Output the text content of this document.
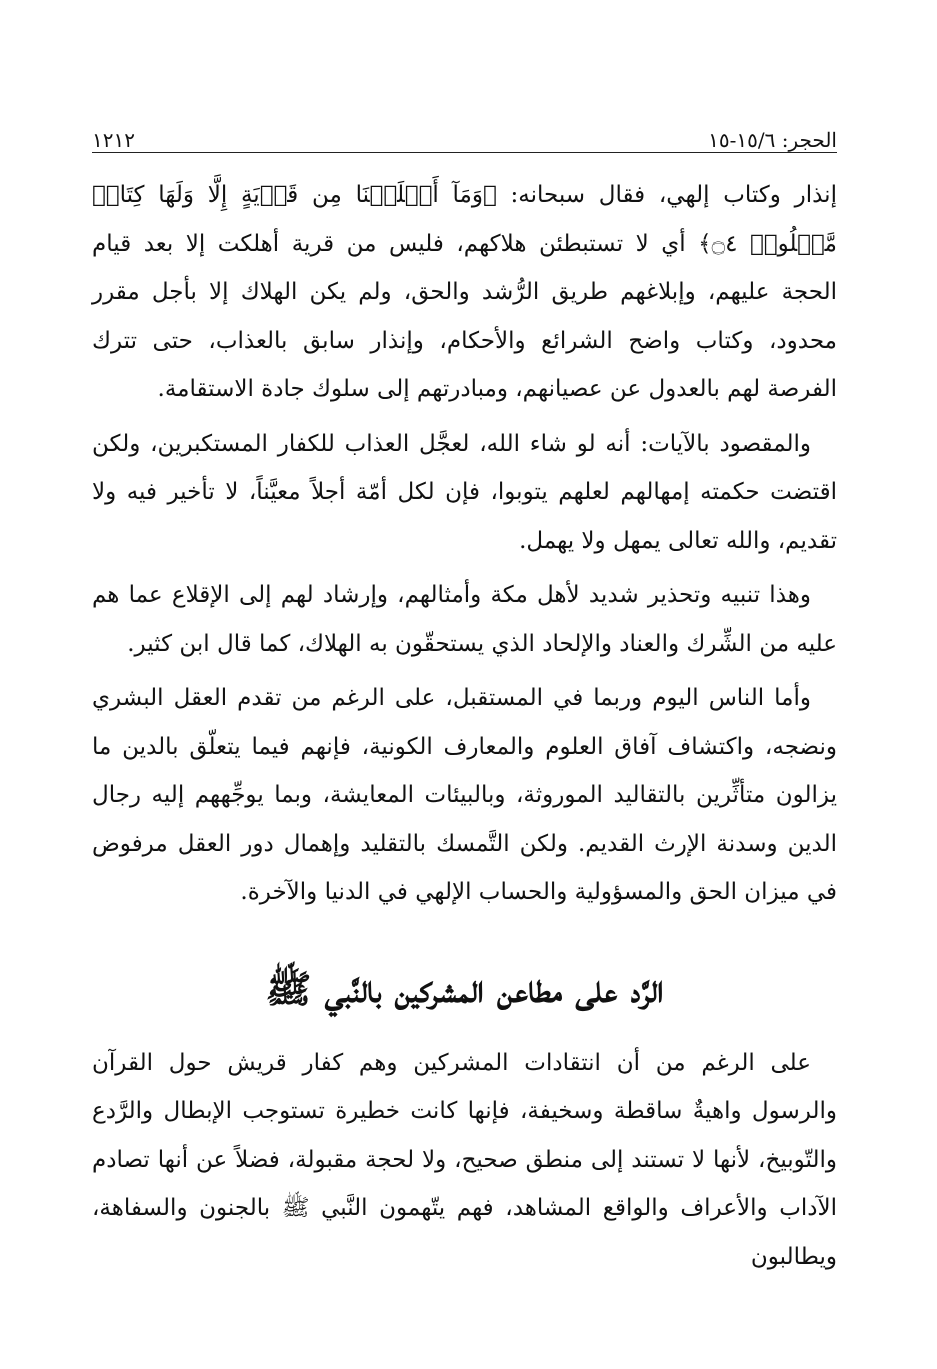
الحجر: ١٥/٦-١٥
١٢١٢

إنذار وكتاب إلهي، فقال سبحانه: ﴿وَمَآ أَهۡلَكۡنَا مِن قَرۡيَةٍ إِلَّا وَلَهَا كِتَابٞ مَّعۡلُومٞ ۝٤﴾ أي لا تستبطئن هلاكهم، فليس من قرية أهلكت إلا بعد قيام الحجة عليهم، وإبلاغهم طريق الرُّشد والحق، ولم يكن الهلاك إلا بأجل مقرر محدود، وكتاب واضح الشرائع والأحكام، وإنذار سابق بالعذاب، حتى تترك الفرصة لهم بالعدول عن عصيانهم، ومبادرتهم إلى سلوك جادة الاستقامة.

والمقصود بالآيات: أنه لو شاء الله، لعجَّل العذاب للكفار المستكبرين، ولكن اقتضت حكمته إمهالهم لعلهم يتوبوا، فإن لكل أمّة أجلاً معيَّناً، لا تأخير فيه ولا تقديم، والله تعالى يمهل ولا يهمل.

وهذا تنبيه وتحذير شديد لأهل مكة وأمثالهم، وإرشاد لهم إلى الإقلاع عما هم عليه من الشِّرك والعناد والإلحاد الذي يستحقّون به الهلاك، كما قال ابن كثير.

وأما الناس اليوم وربما في المستقبل، على الرغم من تقدم العقل البشري ونضجه، واكتشاف آفاق العلوم والمعارف الكونية، فإنهم فيما يتعلّق بالدين ما يزالون متأثِّرين بالتقاليد الموروثة، وبالبيئات المعايشة، وبما يوجِّههم إليه رجال الدين وسدنة الإرث القديم. ولكن التَّمسك بالتقليد وإهمال دور العقل مرفوض في ميزان الحق والمسؤولية والحساب الإلهي في الدنيا والآخرة.

الرَّد على مطاعن المشركين بالنَّبي ﷺ

على الرغم من أن انتقادات المشركين وهم كفار قريش حول القرآن والرسول واهيةٌ ساقطة وسخيفة، فإنها كانت خطيرة تستوجب الإبطال والرَّدع والتّوبيخ، لأنها لا تستند إلى منطق صحيح، ولا لحجة مقبولة، فضلاً عن أنها تصادم الآداب والأعراف والواقع المشاهد، فهم يتّهمون النَّبي ﷺ بالجنون والسفاهة، ويطالبون
